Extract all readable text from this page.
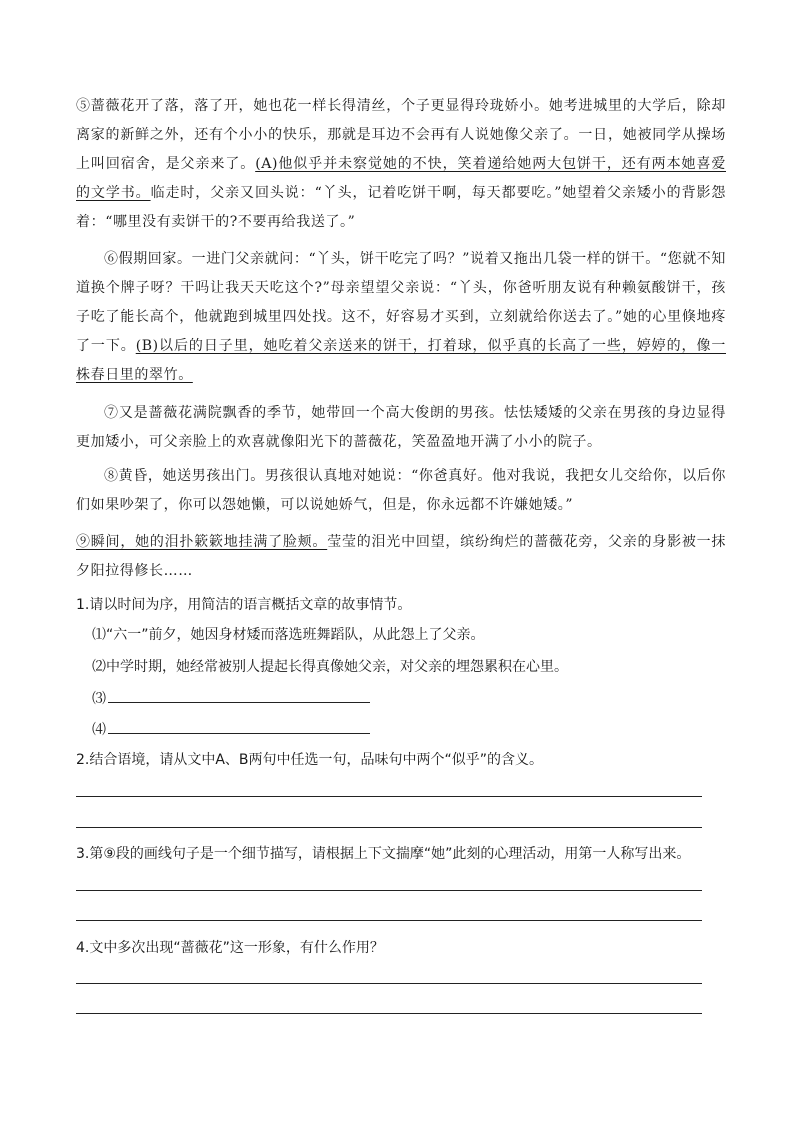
⑤蔷薇花开了落，落了开，她也花一样长得清丝，个子更显得玲珑娇小。她考进城里的大学后，除却离家的新鲜之外，还有个小小的快乐，那就是耳边不会再有人说她像父亲了。一日，她被同学从操场上叫回宿舍，是父亲来了。(A)他似乎并未察觉她的不快，笑着递给她两大包饼干，还有两本她喜爱的文学书。临走时，父亲又回头说：“丫头，记着吃饼干啊，每天都要吃。”她望着父亲矮小的背影怨着：“哪里没有卖饼干的?不要再给我送了。”

⑥假期回家。一进门父亲就问：“丫头，饼干吃完了吗？”说着又拖出几袋一样的饼干。“您就不知道换个牌子呀？干吗让我天天吃这个?”母亲望望父亲说：“丫头，你爸听朋友说有种赖氨酸饼干，孩子吃了能长高个，他就跑到城里四处找。这不，好容易才买到，立刻就给你送去了。”她的心里倏地疼了一下。(B)以后的日子里，她吃着父亲送来的饼干，打着球，似乎真的长高了一些，婷婷的，像一株春日里的翠竹。

⑦又是蔷薇花满院飘香的季节，她带回一个高大俊朗的男孩。怯怯矮矮的父亲在男孩的身边显得更加矮小，可父亲脸上的欢喜就像阳光下的蔷薇花，笑盈盈地开满了小小的院子。

⑧黄昏，她送男孩出门。男孩很认真地对她说：“你爸真好。他对我说，我把女儿交给你，以后你们如果吵架了，你可以怨她懒，可以说她娇气，但是，你永远都不许嫌她矮。”

⑨瞬间，她的泪扑簌簌地挂满了脸颊。莹莹的泪光中回望，缤纷绚烂的蔷薇花旁，父亲的身影被一抹夕阳拉得修长……

1.请以时间为序，用简洁的语言概括文章的故事情节。

⑴“六一”前夕，她因身材矮而落选班舞蹈队，从此怨上了父亲。

⑵中学时期，她经常被别人提起长得真像她父亲，对父亲的埋怨累积在心里。

⑶

⑷

2.结合语境，请从文中A、B两句中任选一句，品味句中两个“似乎”的含义。

3.第⑨段的画线句子是一个细节描写，请根据上下文揣摩“她”此刻的心理活动，用第一人称写出来。

4.文中多次出现“蔷薇花”这一形象，有什么作用？
